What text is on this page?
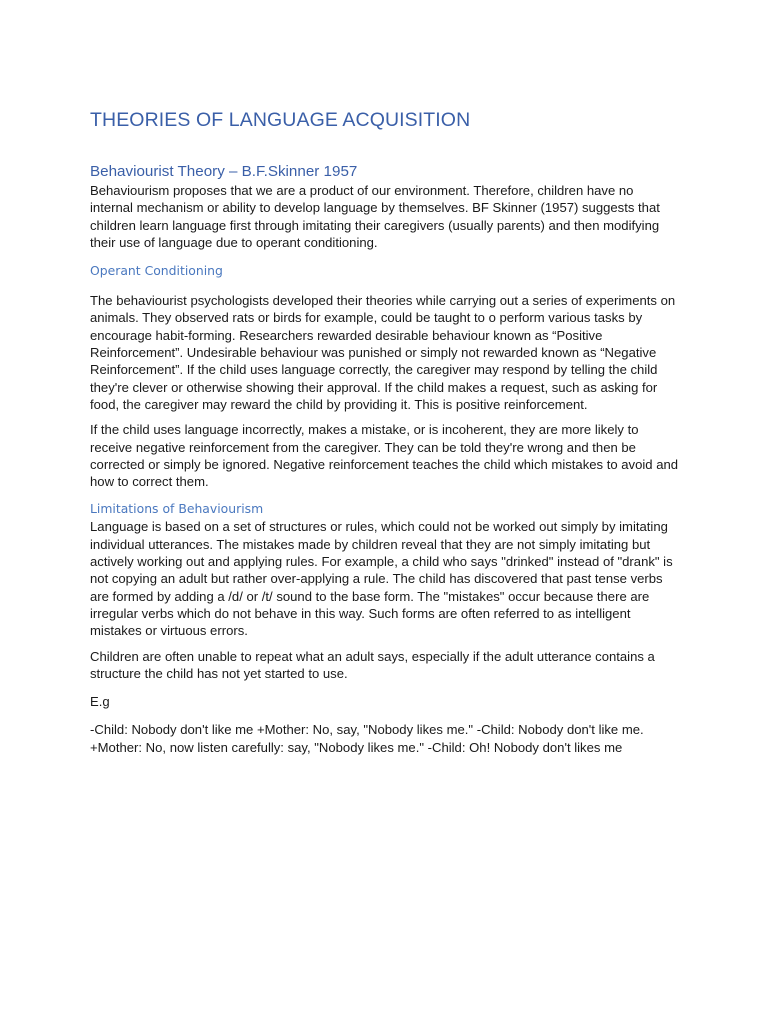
THEORIES OF LANGUAGE ACQUISITION
Behaviourist Theory – B.F.Skinner 1957

Behaviourism proposes that we are a product of our environment. Therefore, children have no internal mechanism or ability to develop language by themselves. BF Skinner (1957) suggests that children learn language first through imitating their caregivers (usually parents) and then modifying their use of language due to operant conditioning.

Operant Conditioning

The behaviourist psychologists developed their theories while carrying out a series of experiments on animals. They observed rats or birds for example, could be taught to o perform various tasks by encourage habit-forming. Researchers rewarded desirable behaviour known as “Positive Reinforcement”. Undesirable behaviour was punished or simply not rewarded known as “Negative Reinforcement”. If the child uses language correctly, the caregiver may respond by telling the child they're clever or otherwise showing their approval. If the child makes a request, such as asking for food, the caregiver may reward the child by providing it. This is positive reinforcement.

If the child uses language incorrectly, makes a mistake, or is incoherent, they are more likely to receive negative reinforcement from the caregiver. They can be told they're wrong and then be corrected or simply be ignored. Negative reinforcement teaches the child which mistakes to avoid and how to correct them.

Limitations of Behaviourism

Language is based on a set of structures or rules, which could not be worked out simply by imitating individual utterances. The mistakes made by children reveal that they are not simply imitating but actively working out and applying rules. For example, a child who says "drinked" instead of "drank" is not copying an adult but rather over-applying a rule. The child has discovered that past tense verbs are formed by adding a /d/ or /t/ sound to the base form. The "mistakes" occur because there are irregular verbs which do not behave in this way. Such forms are often referred to as intelligent mistakes or virtuous errors.

Children are often unable to repeat what an adult says, especially if the adult utterance contains a structure the child has not yet started to use.

E.g

-Child: Nobody don't like me +Mother: No, say, "Nobody likes me." -Child: Nobody don't like me. +Mother: No, now listen carefully: say, "Nobody likes me." -Child: Oh! Nobody don't likes me
